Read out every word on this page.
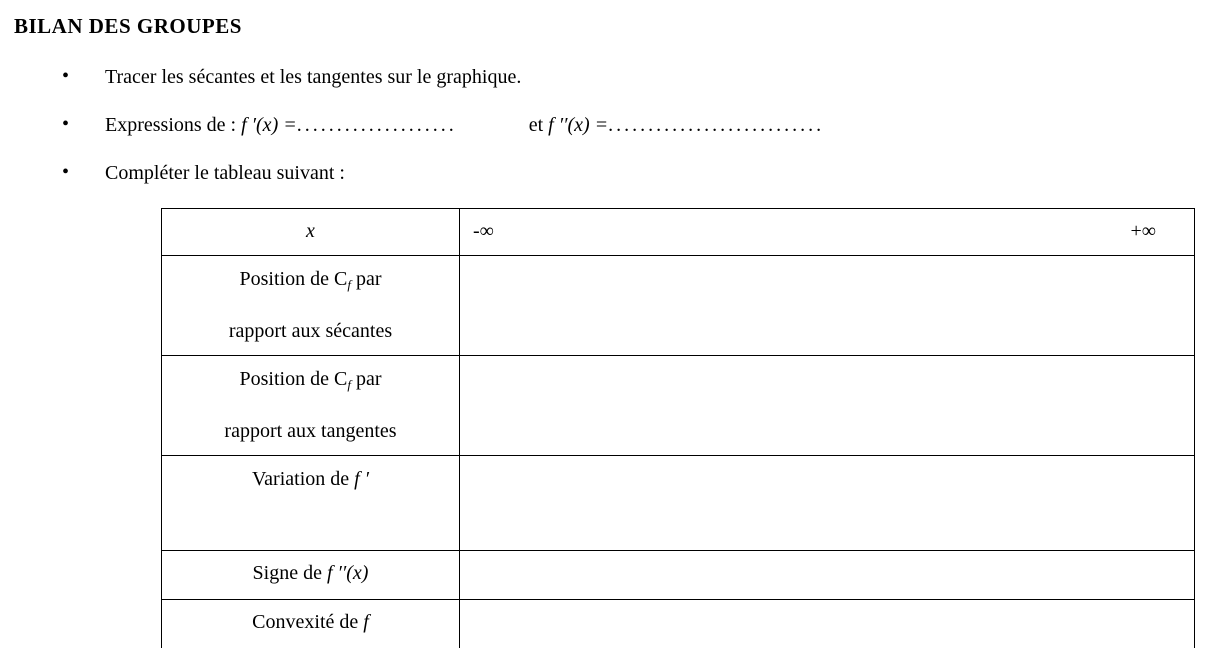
BILAN DES GROUPES
• Tracer les sécantes et les tangentes sur le graphique.
• Expressions de : f ′(x) =....................	et f ′′(x) =...........................
• Compléter le tableau suivant :
x	-∞ +∞

Position de $C_f$ par
rapport aux sécantes	

Position de $C_f$ par
rapport aux tangentes	

Variation de f ′	

Signe de f ′′(x)	

Convexité de f	
